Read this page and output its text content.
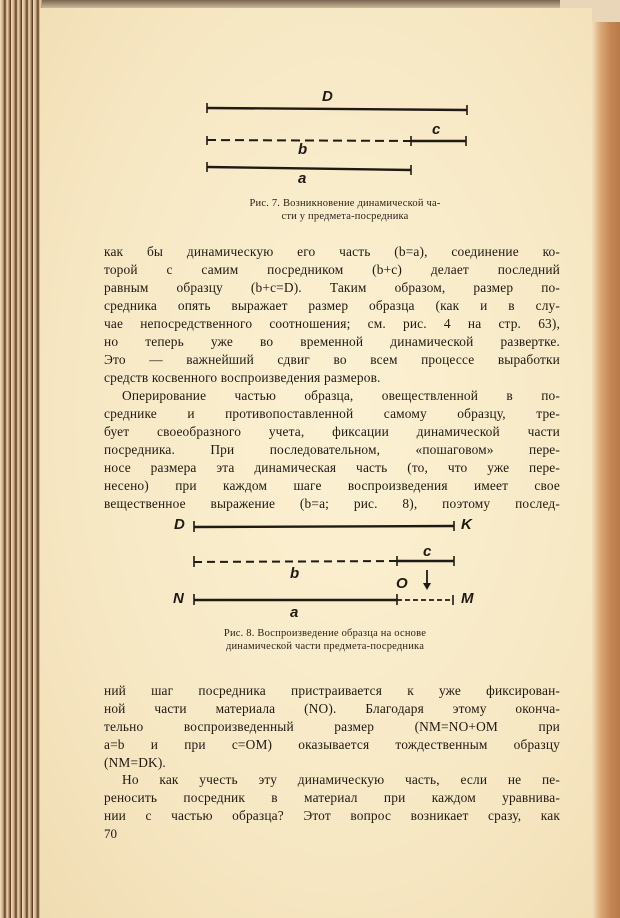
D
c
b
a
Рис. 7. Возникновение динамической ча-
сти у предмета-посредника
как бы динамическую его часть (b=a), соединение ко-
торой с самим посредником (b+c) делает последний
равным образцу (b+c=D). Таким образом, размер по-
средника опять выражает размер образца (как и в слу-
чае непосредственного соотношения; см. рис. 4 на стр. 63),
но теперь уже во временной динамической развертке.
Это — важнейший сдвиг во всем процессе выработки
средств косвенного воспроизведения размеров.
Оперирование частью образца, овеществленной в по-
среднике и противопоставленной самому образцу, тре-
бует своеобразного учета, фиксации динамической части
посредника. При последовательном, «пошаговом» пере-
носе размера эта динамическая часть (то, что уже пере-
несено) при каждом шаге воспроизведения имеет свое
вещественное выражение (b=a; рис. 8), поэтому послед-
D	K
c
b
O
N	M
a
Рис. 8. Воспроизведение образца на основе
динамической части предмета-посредника
ний шаг посредника пристраивается к уже фиксирован-
ной части материала (NO). Благодаря этому оконча-
тельно воспроизведенный размер (NM=NO+OM при
a=b и при c=OM) оказывается тождественным образцу
(NM=DK).
Но как учесть эту динамическую часть, если не пе-
реносить посредник в материал при каждом уравнива-
нии с частью образца? Этот вопрос возникает сразу, как
70
